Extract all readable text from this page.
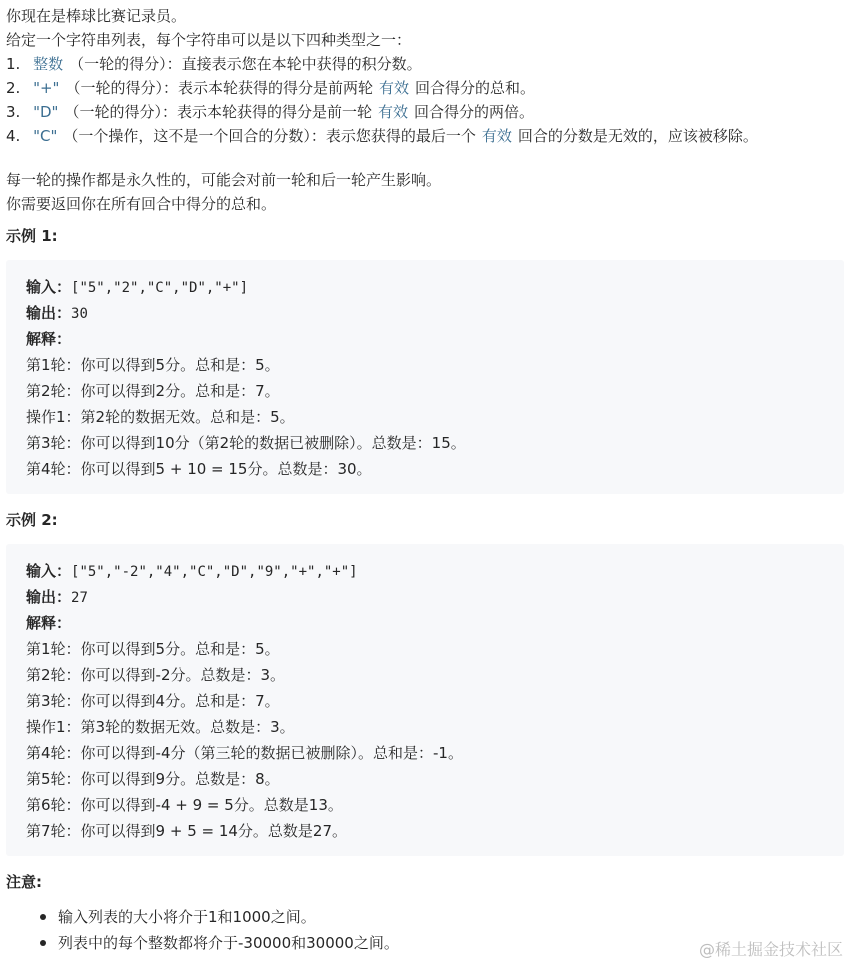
你现在是棒球比赛记录员。
给定一个字符串列表，每个字符串可以是以下四种类型之一：
1. 整数 （一轮的得分）：直接表示您在本轮中获得的积分数。
2. "+" （一轮的得分）：表示本轮获得的得分是前两轮 有效 回合得分的总和。
3. "D" （一轮的得分）：表示本轮获得的得分是前一轮 有效 回合得分的两倍。
4. "C" （一个操作，这不是一个回合的分数）：表示您获得的最后一个 有效 回合的分数是无效的，应该被移除。
每一轮的操作都是永久性的，可能会对前一轮和后一轮产生影响。
你需要返回你在所有回合中得分的总和。
示例 1:
输入：["5","2","C","D","+"]
输出：30
解释：
第1轮：你可以得到5分。总和是：5。
第2轮：你可以得到2分。总和是：7。
操作1：第2轮的数据无效。总和是：5。
第3轮：你可以得到10分（第2轮的数据已被删除）。总数是：15。
第4轮：你可以得到5 + 10 = 15分。总数是：30。
示例 2:
输入：["5","-2","4","C","D","9","+","+"]
输出：27
解释：
第1轮：你可以得到5分。总和是：5。
第2轮：你可以得到-2分。总数是：3。
第3轮：你可以得到4分。总和是：7。
操作1：第3轮的数据无效。总数是：3。
第4轮：你可以得到-4分（第三轮的数据已被删除）。总和是：-1。
第5轮：你可以得到9分。总数是：8。
第6轮：你可以得到-4 + 9 = 5分。总数是13。
第7轮：你可以得到9 + 5 = 14分。总数是27。
注意:
输入列表的大小将介于1和1000之间。
列表中的每个整数都将介于-30000和30000之间。	@稀土掘金技术社区
